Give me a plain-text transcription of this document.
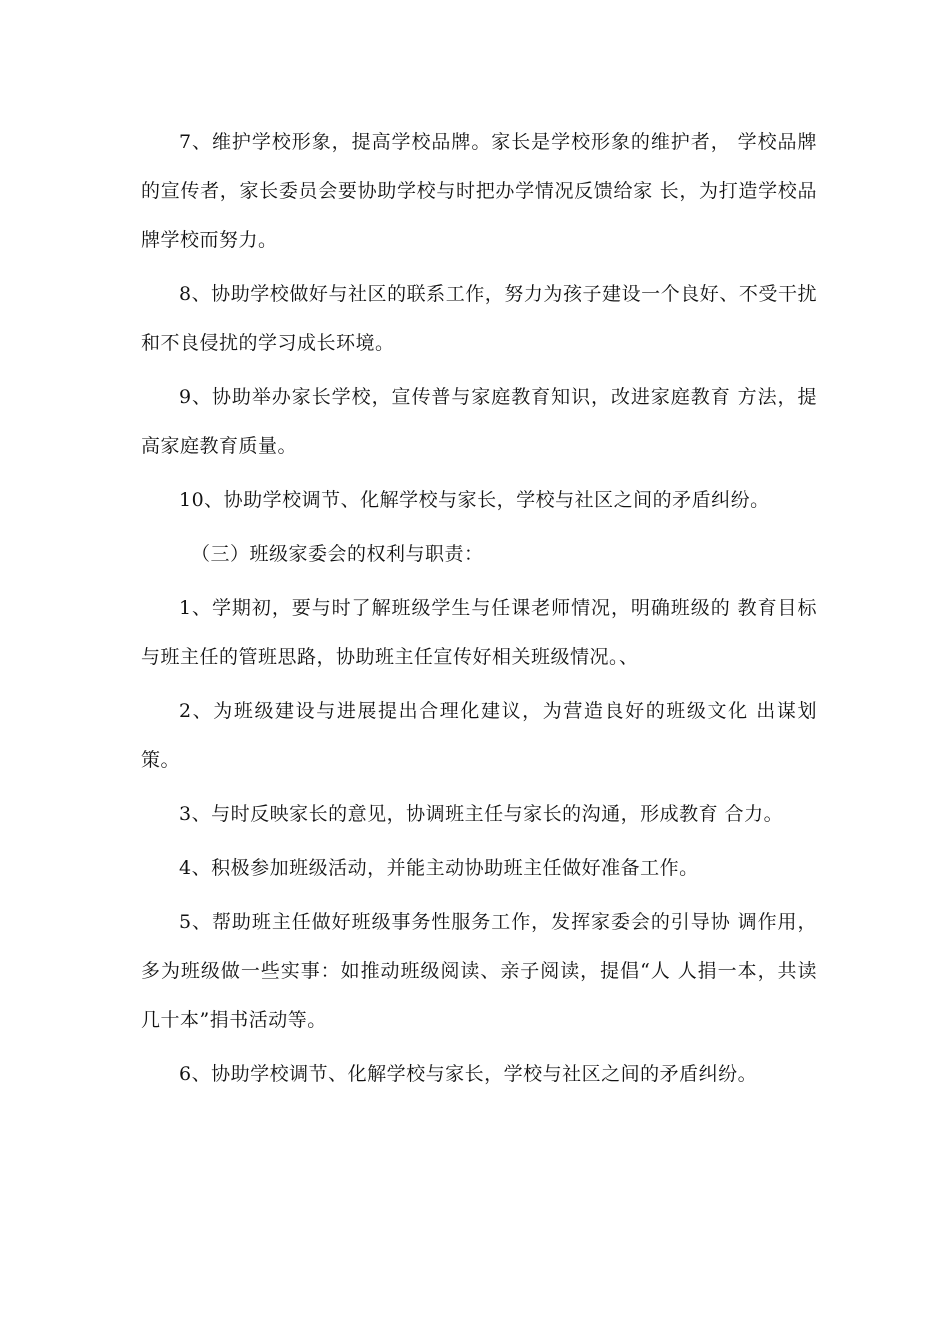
7、维护学校形象，提高学校品牌。家长是学校形象的维护者， 学校品牌的宣传者，家长委员会要协助学校与时把办学情况反馈给家 长，为打造学校品牌学校而努力。

8、协助学校做好与社区的联系工作，努力为孩子建设一个良好、不受干扰和不良侵扰的学习成长环境。

9、协助举办家长学校，宣传普与家庭教育知识，改进家庭教育 方法，提高家庭教育质量。

10、协助学校调节、化解学校与家长，学校与社区之间的矛盾纠纷。

（三）班级家委会的权利与职责：

1、学期初，要与时了解班级学生与任课老师情况，明确班级的 教育目标与班主任的管班思路，协助班主任宣传好相关班级情况。、

2、为班级建设与进展提出合理化建议，为营造良好的班级文化 出谋划策。

3、与时反映家长的意见，协调班主任与家长的沟通，形成教育 合力。

4、积极参加班级活动，并能主动协助班主任做好准备工作。

5、帮助班主任做好班级事务性服务工作，发挥家委会的引导协 调作用，多为班级做一些实事：如推动班级阅读、亲子阅读，提倡“人 人捐一本，共读几十本”捐书活动等。

6、协助学校调节、化解学校与家长，学校与社区之间的矛盾纠纷。
